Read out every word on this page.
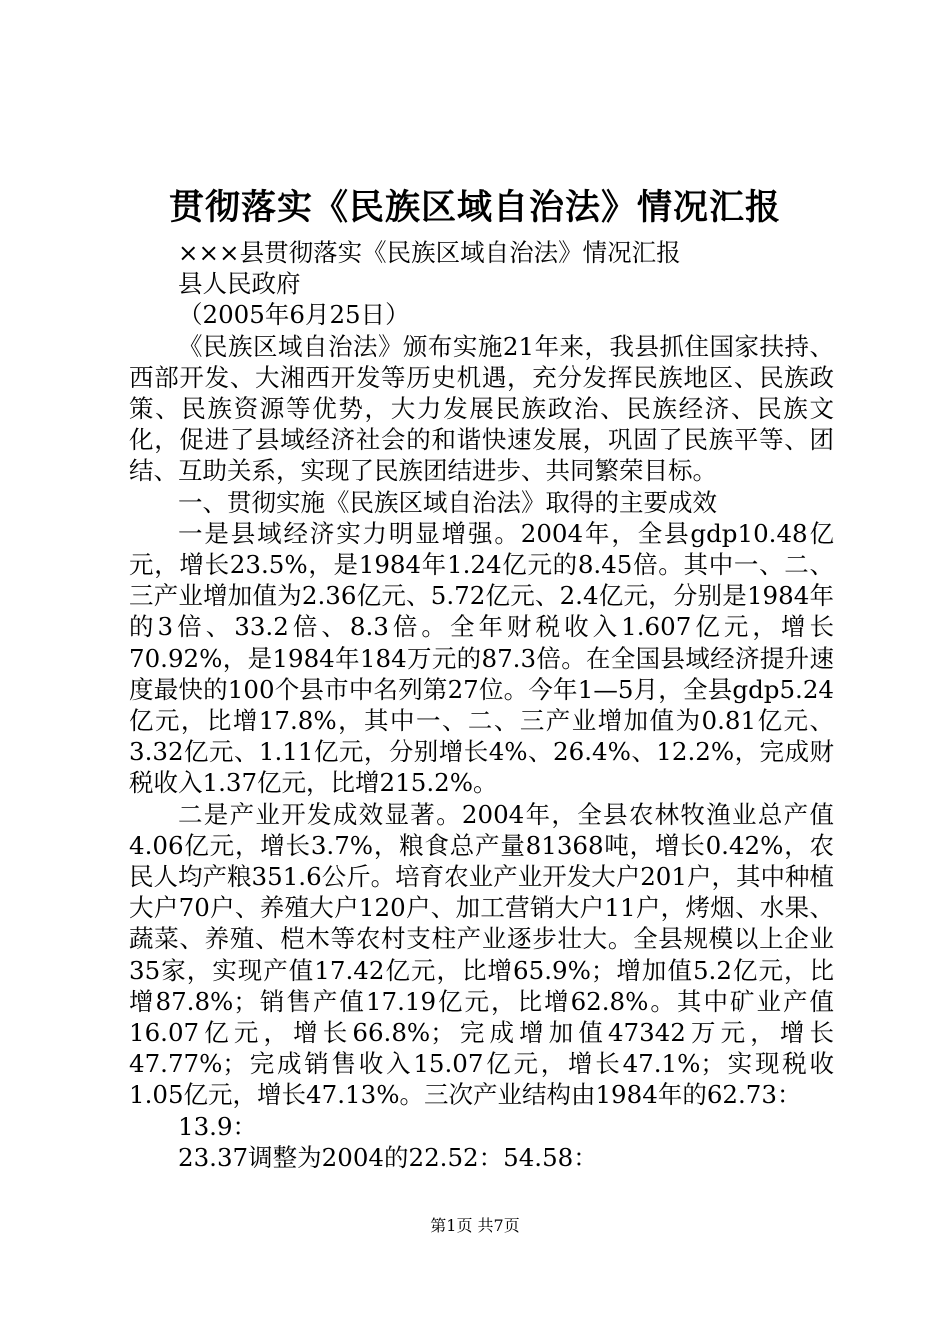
贯彻落实《民族区域自治法》情况汇报

×××县贯彻落实《民族区域自治法》情况汇报

县人民政府

（2005年6月25日）

《民族区域自治法》颁布实施21年来，我县抓住国家扶持、西部开发、大湘西开发等历史机遇，充分发挥民族地区、民族政策、民族资源等优势，大力发展民族政治、民族经济、民族文化，促进了县域经济社会的和谐快速发展，巩固了民族平等、团结、互助关系，实现了民族团结进步、共同繁荣目标。

一、贯彻实施《民族区域自治法》取得的主要成效

一是县域经济实力明显增强。2004年，全县gdp10.48亿元，增长23.5%，是1984年1.24亿元的8.45倍。其中一、二、三产业增加值为2.36亿元、5.72亿元、2.4亿元，分别是1984年的3倍、33.2倍、8.3倍。全年财税收入1.607亿元，增长70.92%，是1984年184万元的87.3倍。在全国县域经济提升速度最快的100个县市中名列第27位。今年1—5月，全县gdp5.24亿元，比增17.8%，其中一、二、三产业增加值为0.81亿元、3.32亿元、1.11亿元，分别增长4%、26.4%、12.2%，完成财税收入1.37亿元，比增215.2%。

二是产业开发成效显著。2004年，全县农林牧渔业总产值4.06亿元，增长3.7%，粮食总产量81368吨，增长0.42%，农民人均产粮351.6公斤。培育农业产业开发大户201户，其中种植大户70户、养殖大户120户、加工营销大户11户，烤烟、水果、蔬菜、养殖、桤木等农村支柱产业逐步壮大。全县规模以上企业35家，实现产值17.42亿元，比增65.9%；增加值5.2亿元，比增87.8%；销售产值17.19亿元，比增62.8%。其中矿业产值16.07亿元，增长66.8%；完成增加值47342万元，增长47.77%；完成销售收入15.07亿元，增长47.1%；实现税收1.05亿元，增长47.13%。三次产业结构由1984年的62.73：

13.9：

23.37调整为2004的22.52：54.58：

第1页 共7页
